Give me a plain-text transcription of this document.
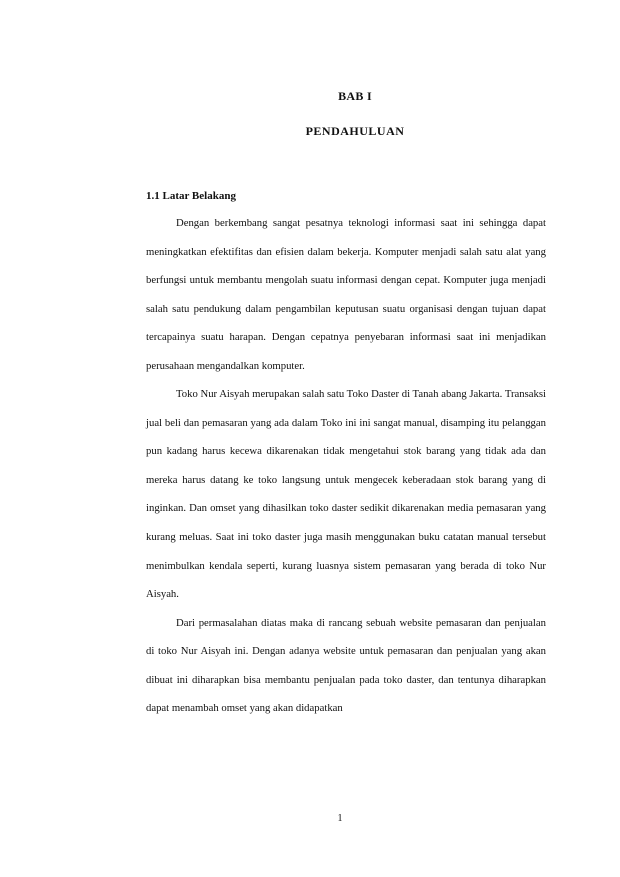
BAB I
PENDAHULUAN
1.1 Latar Belakang

Dengan berkembang sangat pesatnya teknologi informasi saat ini sehingga dapat meningkatkan efektifitas dan efisien dalam bekerja. Komputer menjadi salah satu alat yang berfungsi untuk membantu mengolah suatu informasi dengan cepat. Komputer juga menjadi salah satu pendukung dalam pengambilan keputusan suatu organisasi dengan tujuan dapat tercapainya suatu harapan. Dengan cepatnya penyebaran informasi saat ini menjadikan perusahaan mengandalkan komputer.

Toko Nur Aisyah merupakan salah satu Toko Daster di Tanah abang Jakarta. Transaksi jual beli dan pemasaran yang ada dalam Toko ini ini sangat manual, disamping itu pelanggan pun kadang harus kecewa dikarenakan tidak mengetahui stok barang yang tidak ada dan mereka harus datang ke toko langsung untuk mengecek keberadaan stok barang yang di inginkan. Dan omset yang dihasilkan toko daster sedikit dikarenakan media pemasaran yang kurang meluas. Saat ini toko daster juga masih menggunakan buku catatan manual tersebut menimbulkan kendala seperti, kurang luasnya sistem pemasaran yang berada di toko Nur Aisyah.

Dari permasalahan diatas maka di rancang sebuah website pemasaran dan penjualan di toko Nur Aisyah ini. Dengan adanya website untuk pemasaran dan penjualan yang akan dibuat ini diharapkan bisa membantu penjualan pada toko daster, dan tentunya diharapkan dapat menambah omset yang akan didapatkan

1
